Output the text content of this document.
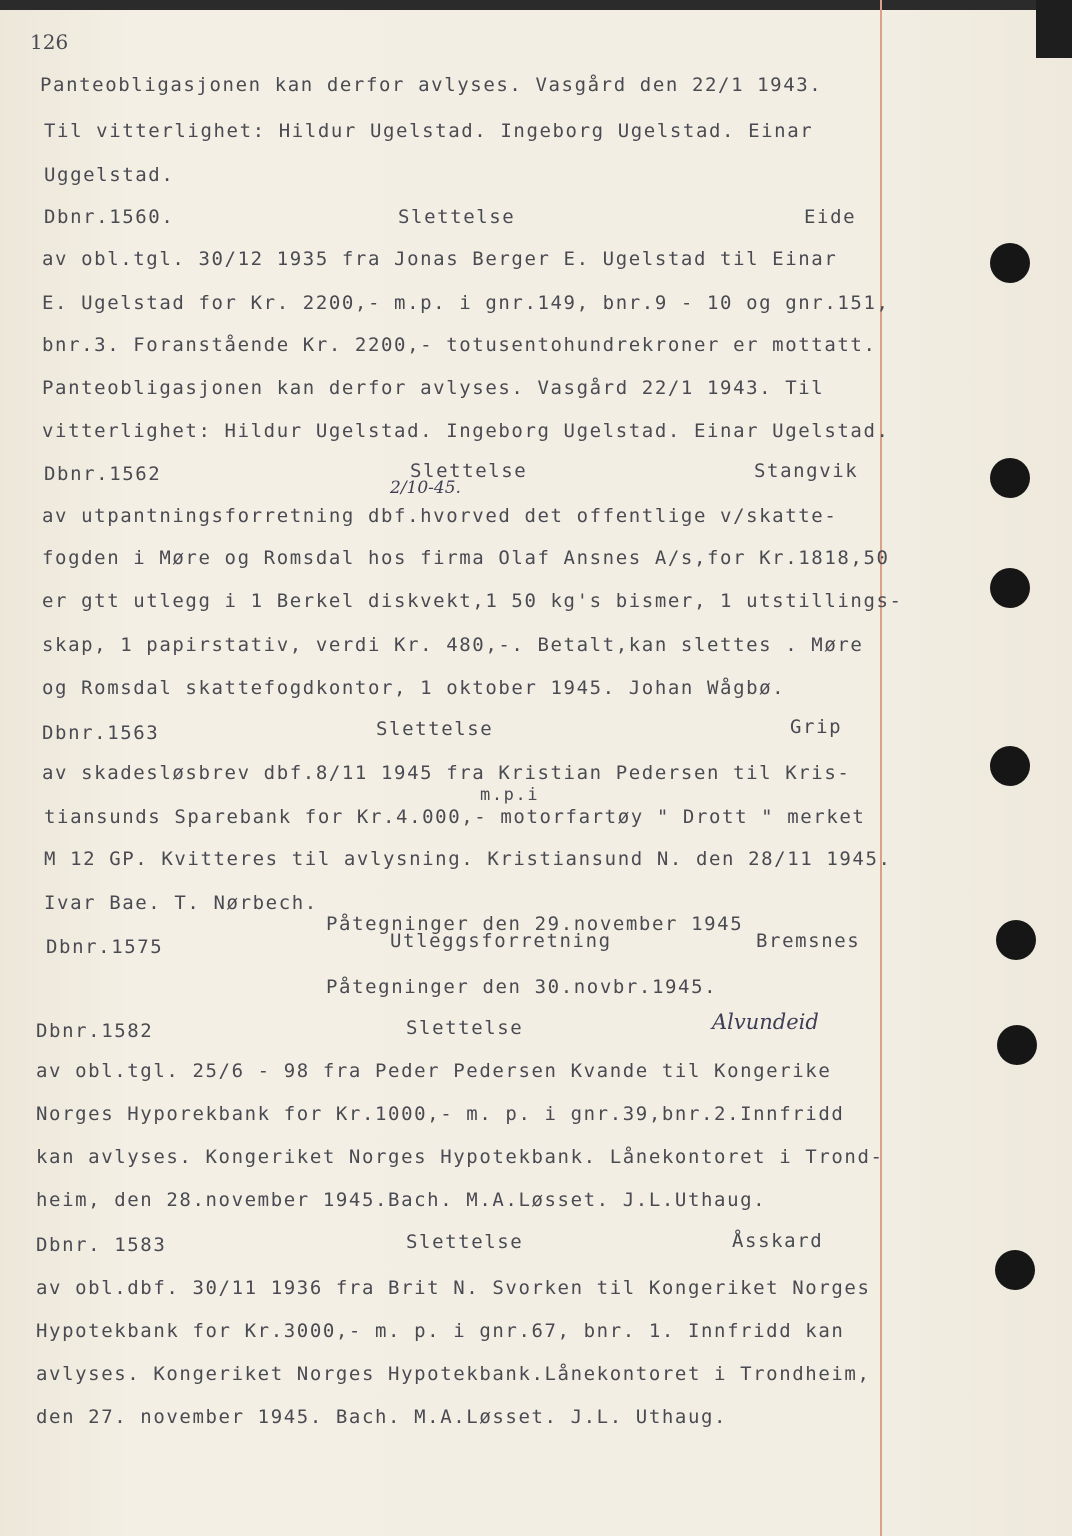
126
Panteobligasjonen kan derfor avlyses. Vasgård den 22/1 1943.
Til vitterlighet: Hildur Ugelstad. Ingeborg Ugelstad. Einar
Uggelstad.
Dbnr.1560.	Slettelse	Eide
av obl.tgl. 30/12 1935 fra Jonas Berger E. Ugelstad til Einar
E. Ugelstad for Kr. 2200,- m.p. i gnr.149, bnr.9 - 10 og gnr.151,
bnr.3. Foranstående Kr. 2200,- totusentohundrekroner er mottatt.
Panteobligasjonen kan derfor avlyses. Vasgård 22/1 1943. Til
vitterlighet: Hildur Ugelstad. Ingeborg Ugelstad. Einar Ugelstad.
Dbnr.1562	Slettelse	Stangvik
2/10-45.
av utpantningsforretning dbf.hvorved det offentlige v/skatte-
fogden i Møre og Romsdal hos firma Olaf Ansnes A/s,for Kr.1818,50
er gtt utlegg i 1 Berkel diskvekt,1 50 kg's bismer, 1 utstillings-
skap, 1 papirstativ, verdi Kr. 480,-. Betalt,kan slettes . Møre
og Romsdal skattefogdkontor, 1 oktober 1945. Johan Wågbø.
Dbnr.1563	Slettelse	Grip
av skadesløsbrev dbf.8/11 1945 fra Kristian Pedersen til Kris-
m.p.i
tiansunds Sparebank for Kr.4.000,- motorfartøy " Drott " merket
M 12 GP. Kvitteres til avlysning. Kristiansund N. den 28/11 1945.
Ivar Bae. T. Nørbech.
Påtegninger den 29.november 1945
Dbnr.1575	Utleggsforretning	Bremsnes
Påtegninger den 30.novbr.1945.
Dbnr.1582	Slettelse	Alvundeid
av obl.tgl. 25/6 - 98 fra Peder Pedersen Kvande til Kongerike
Norges Hyporekbank for Kr.1000,- m. p. i gnr.39,bnr.2.Innfridd
kan avlyses. Kongeriket Norges Hypotekbank. Lånekontoret i Trond-
heim, den 28.november 1945.Bach. M.A.Løsset. J.L.Uthaug.
Dbnr. 1583	Slettelse	Åsskard
av obl.dbf. 30/11 1936 fra Brit N. Svorken til Kongeriket Norges
Hypotekbank for Kr.3000,- m. p. i gnr.67, bnr. 1. Innfridd kan
avlyses. Kongeriket Norges Hypotekbank.Lånekontoret i Trondheim,
den 27. november 1945. Bach. M.A.Løsset. J.L. Uthaug.
